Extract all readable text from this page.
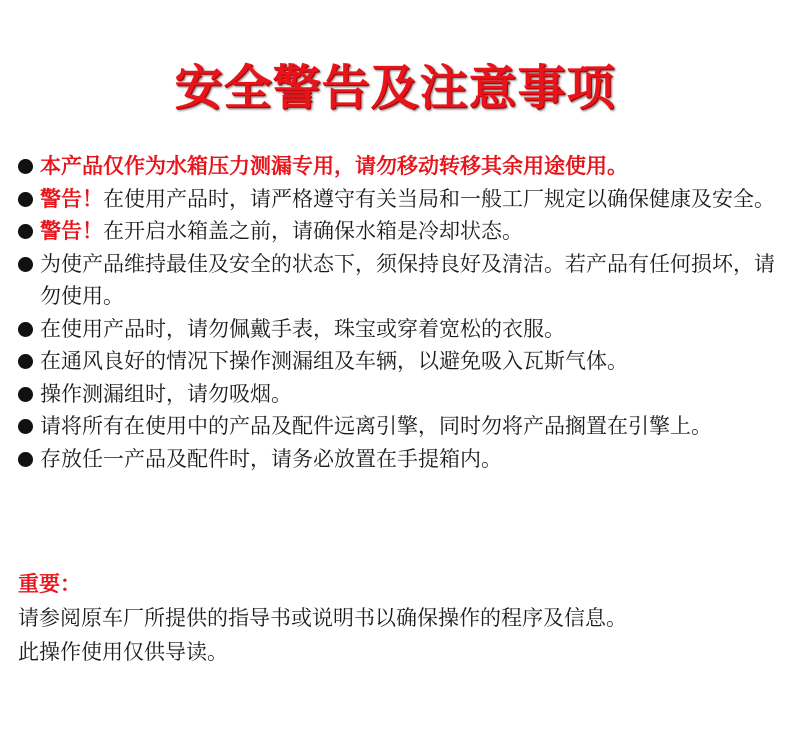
安全警告及注意事项
本产品仅作为水箱压力测漏专用，请勿移动转移其余用途使用。
警告！在使用产品时，请严格遵守有关当局和一般工厂规定以确保健康及安全。
警告！在开启水箱盖之前，请确保水箱是冷却状态。
为使产品维持最佳及安全的状态下，须保持良好及清洁。若产品有任何损坏，请勿使用。
在使用产品时，请勿佩戴手表，珠宝或穿着宽松的衣服。
在通风良好的情况下操作测漏组及车辆，以避免吸入瓦斯气体。
操作测漏组时，请勿吸烟。
请将所有在使用中的产品及配件远离引擎，同时勿将产品搁置在引擎上。
存放任一产品及配件时，请务必放置在手提箱内。
重要：
请参阅原车厂所提供的指导书或说明书以确保操作的程序及信息。
此操作使用仅供导读。
